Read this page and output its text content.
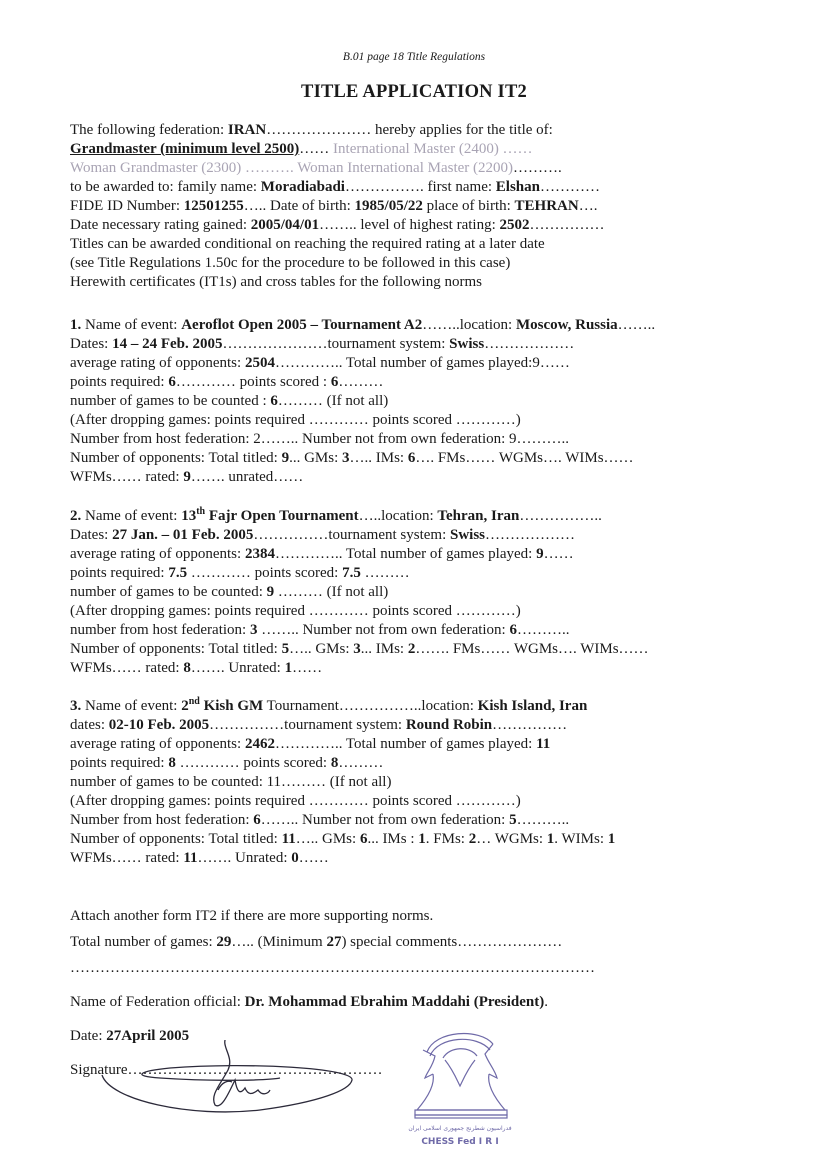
B.01 page 18 Title Regulations
TITLE APPLICATION IT2
The following federation: IRAN………………… hereby applies for the title of:
Grandmaster (minimum level 2500)…… International Master (2400) ……
Woman Grandmaster (2300) ………. Woman International Master (2200)……….
to be awarded to: family name: Moradiabadi……………. first name: Elshan…………
FIDE ID Number: 12501255….. Date of birth: 1985/05/22 place of birth: TEHRAN….
Date necessary rating gained: 2005/04/01…….. level of highest rating: 2502……………
Titles can be awarded conditional on reaching the required rating at a later date
(see Title Regulations 1.50c for the procedure to be followed in this case)
Herewith certificates (IT1s) and cross tables for the following norms
1. Name of event: Aeroflot Open 2005 – Tournament A2……..location: Moscow, Russia……..
Dates: 14 – 24 Feb. 2005…………………tournament system: Swiss………………
average rating of opponents: 2504………….. Total number of games played:9……
points required: 6………… points scored : 6………
number of games to be counted : 6……… (If not all)
(After dropping games: points required ………… points scored …………)
Number from host federation: 2…….. Number not from own federation: 9………..
Number of opponents: Total titled: 9... GMs: 3….. IMs: 6…. FMs…… WGMs…. WIMs……
WFMs…… rated: 9……. unrated……
2. Name of event: 13th Fajr Open Tournament…..location: Tehran, Iran……………..
Dates: 27 Jan. – 01 Feb. 2005……………tournament system: Swiss………………
average rating of opponents: 2384………….. Total number of games played: 9……
points required: 7.5 ………… points scored: 7.5 ………
number of games to be counted: 9 ……… (If not all)
(After dropping games: points required ………… points scored …………)
number from host federation: 3 …….. Number not from own federation: 6………..
Number of opponents: Total titled: 5….. GMs: 3... IMs: 2……. FMs…… WGMs…. WIMs……
WFMs…… rated: 8……. Unrated: 1……
3. Name of event: 2nd Kish GM Tournament……………..location: Kish Island, Iran
dates: 02-10 Feb. 2005……………tournament system: Round Robin……………
average rating of opponents: 2462………….. Total number of games played: 11
points required: 8 ………… points scored: 8………
number of games to be counted: 11……… (If not all)
(After dropping games: points required ………… points scored …………)
Number from host federation: 6…….. Number not from own federation: 5………..
Number of opponents: Total titled: 11….. GMs: 6... IMs : 1. FMs: 2… WGMs: 1. WIMs: 1
WFMs…… rated: 11……. Unrated: 0……
Attach another form IT2 if there are more supporting norms.
Total number of games: 29….. (Minimum 27) special comments…………………
……………………………………………………………………………………………
Name of Federation official: Dr. Mohammad Ebrahim Maddahi (President).
Date: 27April 2005
Signature……………………………………………
فدراسیون شطرنج جمهوری اسلامی ایران
CHESS Fed I R I
